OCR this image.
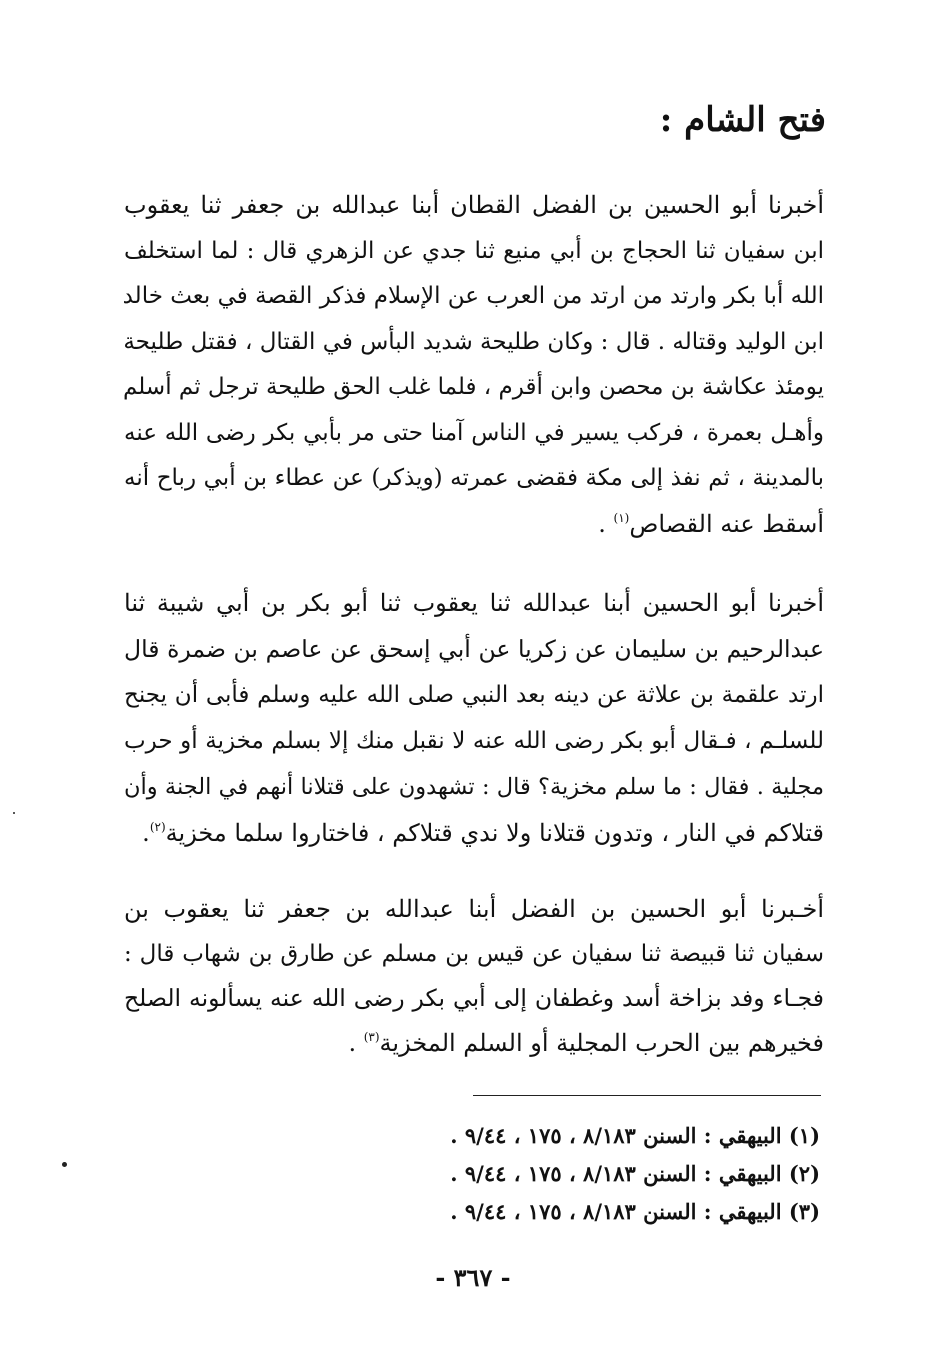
فتح الشام :
أخبرنا أبو الحسين بن الفضل القطان أبنا عبدالله بن جعفر ثنا يعقوب
ابن سفيان ثنا الحجاج بن أبي منيع ثنا جدي عن الزهري قال : لما استخلف
الله أبا بكر وارتد من ارتد من العرب عن الإسلام فذكر القصة في بعث خالد
ابن الوليد وقتاله . قال : وكان طليحة شديد البأس في القتال ، فقتل طليحة
يومئذ عكاشة بن محصن وابن أقرم ، فلما غلب الحق طليحة ترجل ثم أسلم
وأهـل بعمرة ، فركب يسير في الناس آمنا حتى مر بأبي بكر رضى الله عنه
بالمدينة ، ثم نفذ إلى مكة فقضى عمرته (ويذكر) عن عطاء بن أبي رباح أنه
أسقط عنه القصاص$^{(١)}$ .
أخبرنا أبو الحسين أبنا عبدالله ثنا يعقوب ثنا أبو بكر بن أبي شيبة ثنا
عبدالرحيم بن سليمان عن زكريا عن أبي إسحق عن عاصم بن ضمرة قال
ارتد علقمة بن علاثة عن دينه بعد النبي صلى الله عليه وسلم فأبى أن يجنح
للسلـم ، فـقال أبو بكر رضى الله عنه لا نقبل منك إلا بسلم مخزية أو حرب
مجلية . فقال : ما سلم مخزية؟ قال : تشهدون على قتلانا أنهم في الجنة وأن
قتلاكم في النار ، وتدون قتلانا ولا ندي قتلاكم ، فاختاروا سلما مخزية$^{(٢)}$.
أخـبرنا أبو الحسين بن الفضل أبنا عبدالله بن جعفر ثنا يعقوب بن
سفيان ثنا قبيصة ثنا سفيان عن قيس بن مسلم عن طارق بن شهاب قال :
فجـاء وفد بزاخة أسد وغطفان إلى أبي بكر رضى الله عنه يسألونه الصلح
فخيرهم بين الحرب المجلية أو السلم المخزية$^{(٣)}$ .
(١) البيهقي : السنن ٨/١٨٣ ، ١٧٥ ، ٩/٤٤ .
(٢) البيهقي : السنن ٨/١٨٣ ، ١٧٥ ، ٩/٤٤ .
(٣) البيهقي : السنن ٨/١٨٣ ، ١٧٥ ، ٩/٤٤ .
- ٣٦٧ -
